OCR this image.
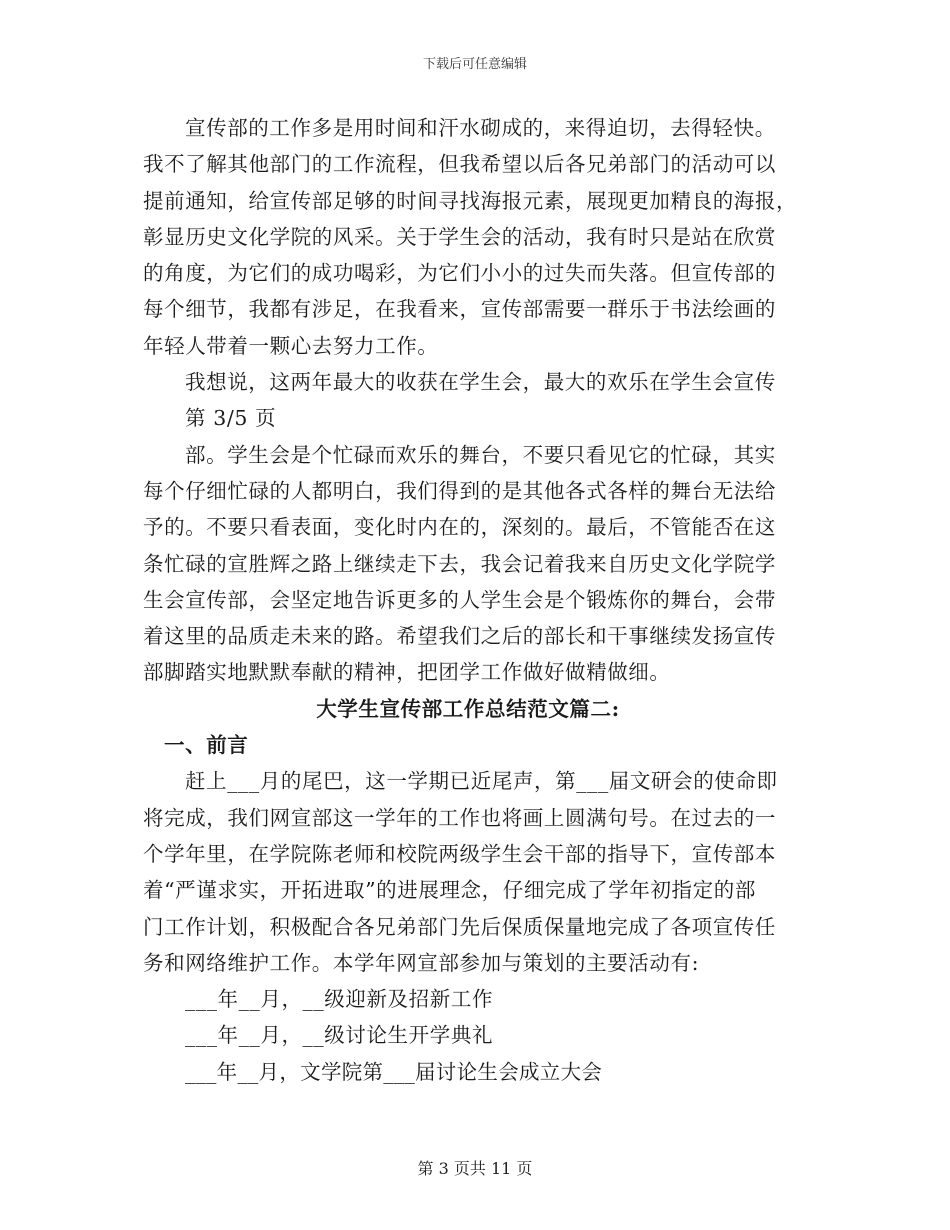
下载后可任意编辑
宣传部的工作多是用时间和汗水砌成的，来得迫切，去得轻快。
我不了解其他部门的工作流程，但我希望以后各兄弟部门的活动可以
提前通知，给宣传部足够的时间寻找海报元素，展现更加精良的海报，
彰显历史文化学院的风采。关于学生会的活动，我有时只是站在欣赏
的角度，为它们的成功喝彩，为它们小小的过失而失落。但宣传部的
每个细节，我都有涉足，在我看来，宣传部需要一群乐于书法绘画的
年轻人带着一颗心去努力工作。
我想说，这两年最大的收获在学生会，最大的欢乐在学生会宣传
第 3/5 页
部。学生会是个忙碌而欢乐的舞台，不要只看见它的忙碌，其实
每个仔细忙碌的人都明白，我们得到的是其他各式各样的舞台无法给
予的。不要只看表面，变化时内在的，深刻的。最后，不管能否在这
条忙碌的宣胜辉之路上继续走下去，我会记着我来自历史文化学院学
生会宣传部，会坚定地告诉更多的人学生会是个锻炼你的舞台，会带
着这里的品质走未来的路。希望我们之后的部长和干事继续发扬宣传
部脚踏实地默默奉献的精神，把团学工作做好做精做细。
大学生宣传部工作总结范文篇二:
一、前言
赶上___月的尾巴，这一学期已近尾声，第___届文研会的使命即
将完成，我们网宣部这一学年的工作也将画上圆满句号。在过去的一
个学年里，在学院陈老师和校院两级学生会干部的指导下，宣传部本
着“严谨求实，开拓进取”的进展理念，仔细完成了学年初指定的部
门工作计划，积极配合各兄弟部门先后保质保量地完成了各项宣传任
务和网络维护工作。本学年网宣部参加与策划的主要活动有:
___年__月，__级迎新及招新工作
___年__月，__级讨论生开学典礼
___年__月，文学院第___届讨论生会成立大会
第 3 页共 11 页
